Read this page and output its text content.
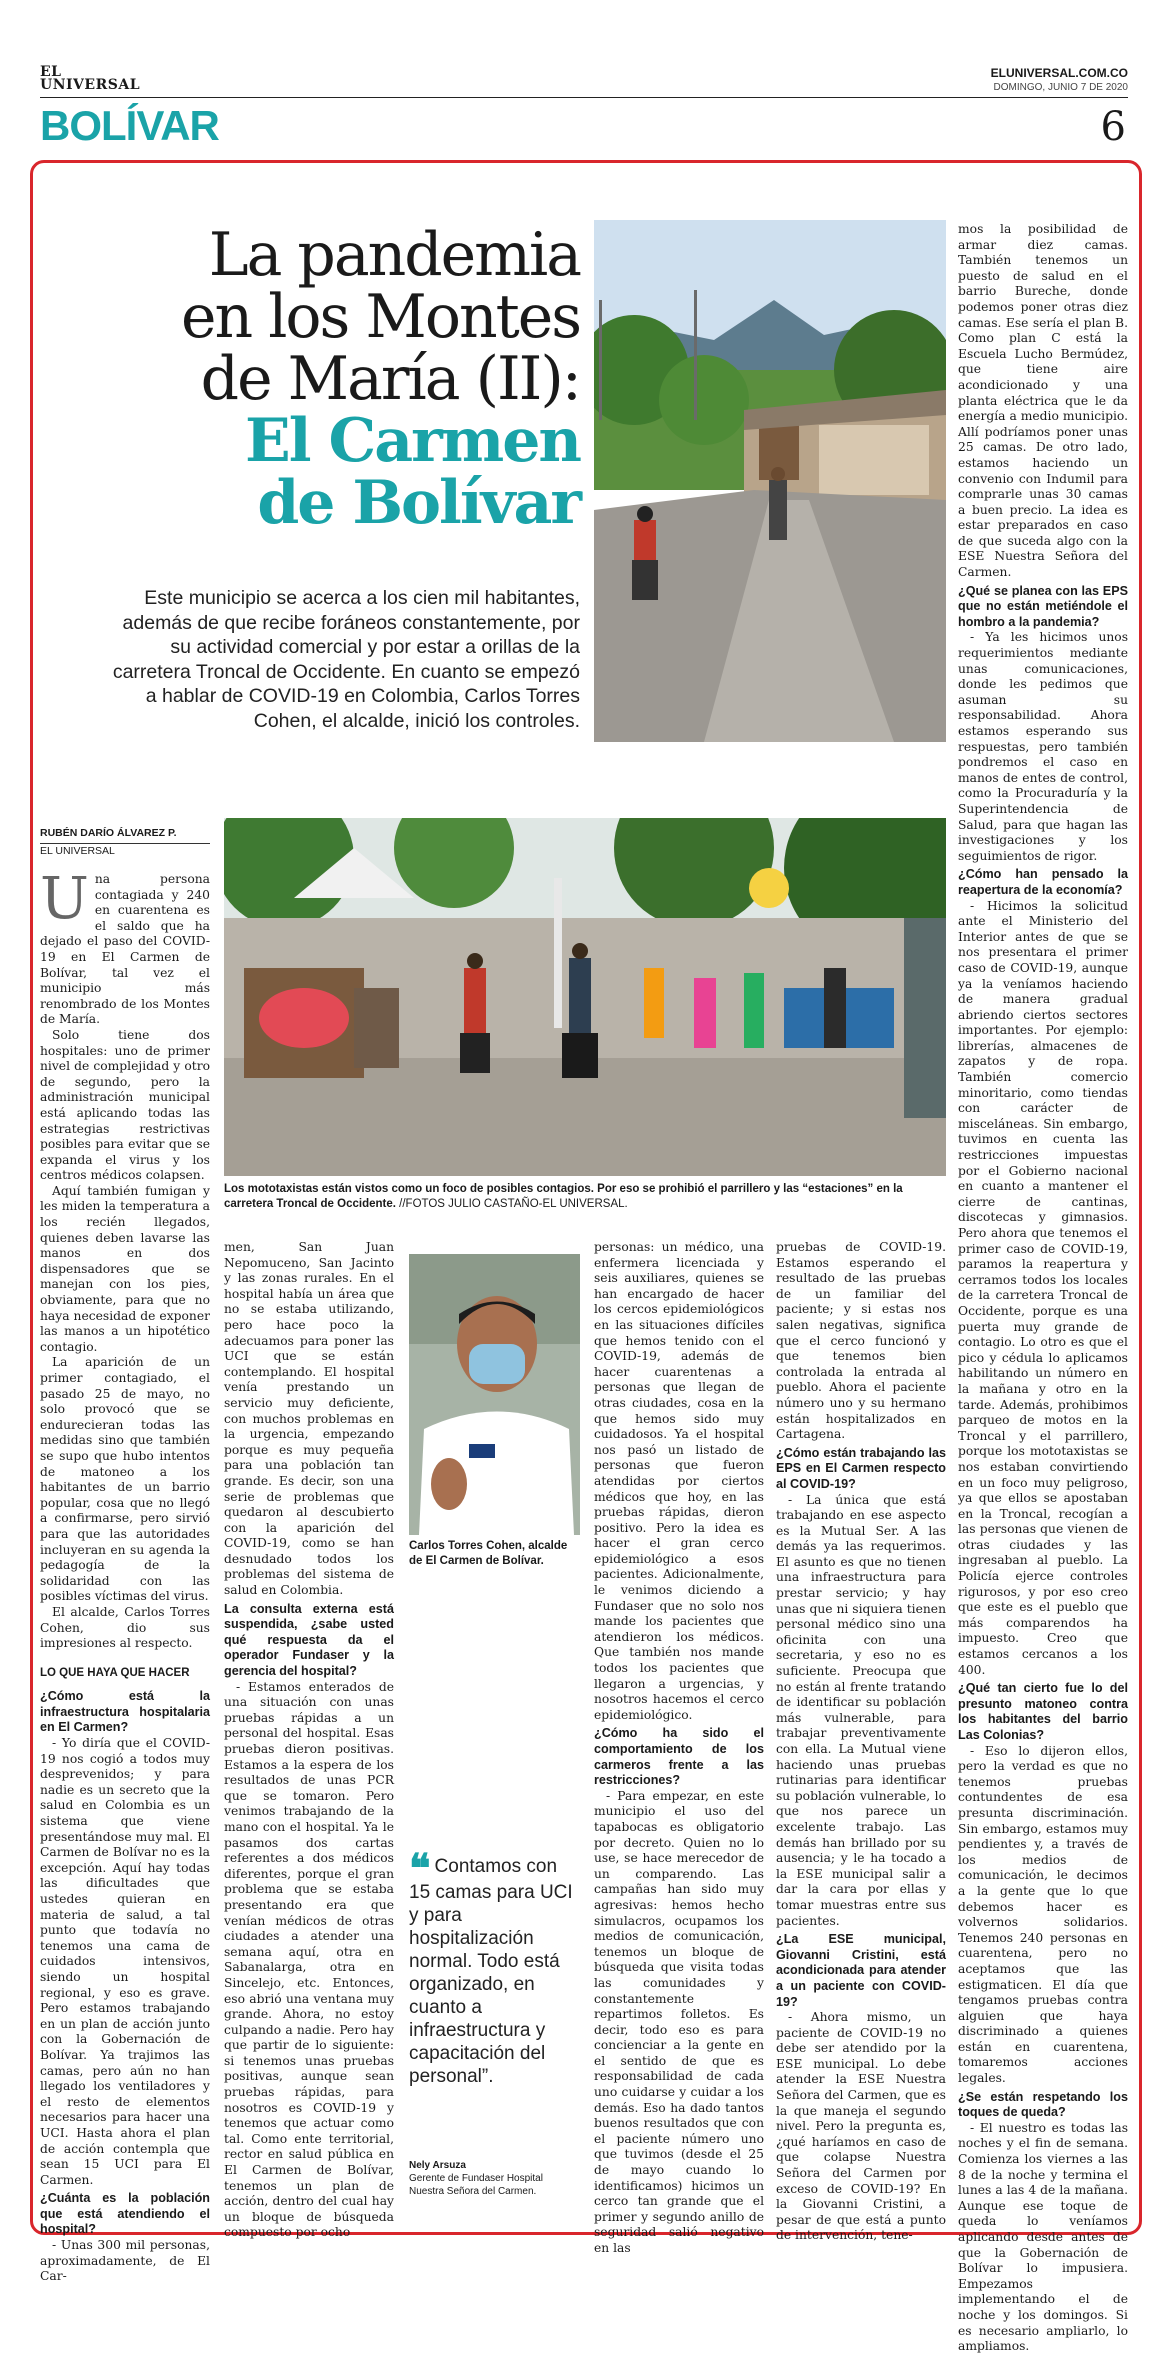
EL
UNIVERSAL
ELUNIVERSAL.COM.CO
DOMINGO, JUNIO 7 DE 2020
BOLÍVAR	6
La pandemia
en los Montes
de María (II):
El Carmen
de Bolívar
Este municipio se acerca a los cien mil habitantes, además de que recibe foráneos constantemente, por su actividad comercial y por estar a orillas de la carretera Troncal de Occidente. En cuanto se empezó a hablar de COVID-19 en Colombia, Carlos Torres Cohen, el alcalde, inició los controles.
RUBÉN DARÍO ÁLVAREZ P.
EL UNIVERSAL
Los mototaxistas están vistos como un foco de posibles contagios. Por eso se prohibió el parrillero y las “estaciones” en la carretera Troncal de Occidente. //FOTOS JULIO CASTAÑO-EL UNIVERSAL.
Carlos Torres Cohen, alcalde de El Carmen de Bolívar.

Una persona contagiada y 240 en cuarentena es el saldo que ha dejado el paso del COVID-19 en El Carmen de Bolívar, tal vez el municipio más renombrado de los Montes de María.

Solo tiene dos hospitales: uno de primer nivel de complejidad y otro de segundo, pero la administración municipal está aplicando todas las estrategias restrictivas posibles para evitar que se expanda el virus y los centros médicos colapsen.

Aquí también fumigan y les miden la temperatura a los recién llegados, quienes deben lavarse las manos en dos dispensadores que se manejan con los pies, obviamente, para que no haya necesidad de exponer las manos a un hipotético contagio.

La aparición de un primer contagiado, el pasado 25 de mayo, no solo provocó que se endurecieran todas las medidas sino que también se supo que hubo intentos de matoneo a los habitantes de un barrio popular, cosa que no llegó a confirmarse, pero sirvió para que las autoridades incluyeran en su agenda la pedagogía de la solidaridad con las posibles víctimas del virus.

El alcalde, Carlos Torres Cohen, dio sus impresiones al respecto.

LO QUE HAYA QUE HACER

¿Cómo está la infraestructura hospitalaria en El Carmen?

- Yo diría que el COVID-19 nos cogió a todos muy desprevenidos; y para nadie es un secreto que la salud en Colombia es un sistema que viene presentándose muy mal. El Carmen de Bolívar no es la excepción. Aquí hay todas las dificultades que ustedes quieran en materia de salud, a tal punto que todavía no tenemos una cama de cuidados intensivos, siendo un hospital regional, y eso es grave. Pero estamos trabajando en un plan de acción junto con la Gobernación de Bolívar. Ya trajimos las camas, pero aún no han llegado los ventiladores y el resto de elementos necesarios para hacer una UCI. Hasta ahora el plan de acción contempla que sean 15 UCI para El Carmen.

¿Cuánta es la población que está atendiendo el hospital?

- Unas 300 mil personas, aproximadamente, de El Car-

men, San Juan Nepomuceno, San Jacinto y las zonas rurales. En el hospital había un área que no se estaba utilizando, pero hace poco la adecuamos para poner las UCI que se están contemplando. El hospital venía prestando un servicio muy deficiente, con muchos problemas en la urgencia, empezando porque es muy pequeña para una población tan grande. Es decir, son una serie de problemas que quedaron al descubierto con la aparición del COVID-19, como se han desnudado todos los problemas del sistema de salud en Colombia.

La consulta externa está suspendida, ¿sabe usted qué respuesta da el operador Fundaser y la gerencia del hospital?

- Estamos enterados de una situación con unas pruebas rápidas a un personal del hospital. Esas pruebas dieron positivas. Estamos a la espera de los resultados de unas PCR que se tomaron. Pero venimos trabajando de la mano con el hospital. Ya le pasamos dos cartas referentes a dos médicos diferentes, porque el gran problema que se estaba presentando era que venían médicos de otras ciudades a atender una semana aquí, otra en Sabanalarga, otra en Sincelejo, etc. Entonces, eso abrió una ventana muy grande. Ahora, no estoy culpando a nadie. Pero hay que partir de lo siguiente: si tenemos unas pruebas positivas, aunque sean pruebas rápidas, para nosotros es COVID-19 y tenemos que actuar como tal. Como ente territorial, rector en salud pública en El Carmen de Bolívar, tenemos un plan de acción, dentro del cual hay un bloque de búsqueda compuesto por ocho

❝ Contamos con 15 camas para UCI y para hospitalización normal. Todo está organizado, en cuanto a infraestructura y capacitación del personal”.
Nely Arsuza
Gerente de Fundaser Hospital Nuestra Señora del Carmen.

personas: un médico, una enfermera licenciada y seis auxiliares, quienes se han encargado de hacer los cercos epidemiológicos en las situaciones difíciles que hemos tenido con el COVID-19, además de hacer cuarentenas a personas que llegan de otras ciudades, cosa en la que hemos sido muy cuidadosos. Ya el hospital nos pasó un listado de personas que fueron atendidas por ciertos médicos que hoy, en las pruebas rápidas, dieron positivo. Pero la idea es hacer el gran cerco epidemiológico a esos pacientes. Adicionalmente, le venimos diciendo a Fundaser que no solo nos mande los pacientes que atendieron los médicos. Que también nos mande todos los pacientes que llegaron a urgencias, y nosotros hacemos el cerco epidemiológico.

¿Cómo ha sido el comportamiento de los carmeros frente a las restricciones?

- Para empezar, en este municipio el uso del tapabocas es obligatorio por decreto. Quien no lo use, se hace merecedor de un comparendo. Las campañas han sido muy agresivas: hemos hecho simulacros, ocupamos los medios de comunicación, tenemos un bloque de búsqueda que visita todas las comunidades y constantemente repartimos folletos. Es decir, todo eso es para concienciar a la gente en el sentido de que es responsabilidad de cada uno cuidarse y cuidar a los demás. Eso ha dado tantos buenos resultados que con el paciente número uno que tuvimos (desde el 25 de mayo cuando lo identificamos) hicimos un cerco tan grande que el primer y segundo anillo de seguridad salió negativo en las

pruebas de COVID-19. Estamos esperando el resultado de las pruebas de un familiar del paciente; y si estas nos salen negativas, significa que el cerco funcionó y que tenemos bien controlada la entrada al pueblo. Ahora el paciente número uno y su hermano están hospitalizados en Cartagena.

¿Cómo están trabajando las EPS en El Carmen respecto al COVID-19?

- La única que está trabajando en ese aspecto es la Mutual Ser. A las demás ya las requerimos. El asunto es que no tienen una infraestructura para prestar servicio; y hay unas que ni siquiera tienen personal médico sino una oficinita con una secretaria, y eso no es suficiente. Preocupa que no están al frente tratando de identificar su población más vulnerable, para trabajar preventivamente con ella. La Mutual viene haciendo unas pruebas rutinarias para identificar su población vulnerable, lo que nos parece un excelente trabajo. Las demás han brillado por su ausencia; y le ha tocado a la ESE municipal salir a dar la cara por ellas y tomar muestras entre sus pacientes.

¿La ESE municipal, Giovanni Cristini, está acondicionada para atender a un paciente con COVID-19?

- Ahora mismo, un paciente de COVID-19 no debe ser atendido por la ESE municipal. Lo debe atender la ESE Nuestra Señora del Carmen, que es la que maneja el segundo nivel. Pero la pregunta es, ¿qué haríamos en caso de que colapse Nuestra Señora del Carmen por exceso de COVID-19? En la Giovanni Cristini, a pesar de que está a punto de intervención, tene-

mos la posibilidad de armar diez camas. También tenemos un puesto de salud en el barrio Bureche, donde podemos poner otras diez camas. Ese sería el plan B. Como plan C está la Escuela Lucho Bermúdez, que tiene aire acondicionado y una planta eléctrica que le da energía a medio municipio. Allí podríamos poner unas 25 camas. De otro lado, estamos haciendo un convenio con Indumil para comprarle unas 30 camas a buen precio. La idea es estar preparados en caso de que suceda algo con la ESE Nuestra Señora del Carmen.

¿Qué se planea con las EPS que no están metiéndole el hombro a la pandemia?

- Ya les hicimos unos requerimientos mediante unas comunicaciones, donde les pedimos que asuman su responsabilidad. Ahora estamos esperando sus respuestas, pero también pondremos el caso en manos de entes de control, como la Procuraduría y la Superintendencia de Salud, para que hagan las investigaciones y los seguimientos de rigor.

¿Cómo han pensado la reapertura de la economía?

- Hicimos la solicitud ante el Ministerio del Interior antes de que se nos presentara el primer caso de COVID-19, aunque ya la veníamos haciendo de manera gradual abriendo ciertos sectores importantes. Por ejemplo: librerías, almacenes de zapatos y de ropa. También comercio minoritario, como tiendas con carácter de misceláneas. Sin embargo, tuvimos en cuenta las restricciones impuestas por el Gobierno nacional en cuanto a mantener el cierre de cantinas, discotecas y gimnasios. Pero ahora que tenemos el primer caso de COVID-19, paramos la reapertura y cerramos todos los locales de la carretera Troncal de Occidente, porque es una puerta muy grande de contagio. Lo otro es que el pico y cédula lo aplicamos habilitando un número en la mañana y otro en la tarde. Además, prohibimos parqueo de motos en la Troncal y el parrillero, porque los mototaxistas se nos estaban convirtiendo en un foco muy peligroso, ya que ellos se apostaban en la Troncal, recogían a las personas que vienen de otras ciudades y las ingresaban al pueblo. La Policía ejerce controles rigurosos, y por eso creo que este es el pueblo que más comparendos ha impuesto. Creo que estamos cercanos a los 400.

¿Qué tan cierto fue lo del presunto matoneo contra los habitantes del barrio Las Colonias?

- Eso lo dijeron ellos, pero la verdad es que no tenemos pruebas contundentes de esa presunta discriminación. Sin embargo, estamos muy pendientes y, a través de los medios de comunicación, le decimos a la gente que lo que debemos hacer es volvernos solidarios. Tenemos 240 personas en cuarentena, pero no aceptamos que las estigmaticen. El día que tengamos pruebas contra alguien que haya discriminado a quienes están en cuarentena, tomaremos acciones legales.

¿Se están respetando los toques de queda?

- El nuestro es todas las noches y el fin de semana. Comienza los viernes a las 8 de la noche y termina el lunes a las 4 de la mañana. Aunque ese toque de queda lo veníamos aplicando desde antes de que la Gobernación de Bolívar lo impusiera. Empezamos implementando el de noche y los domingos. Si es necesario ampliarlo, lo ampliamos.
